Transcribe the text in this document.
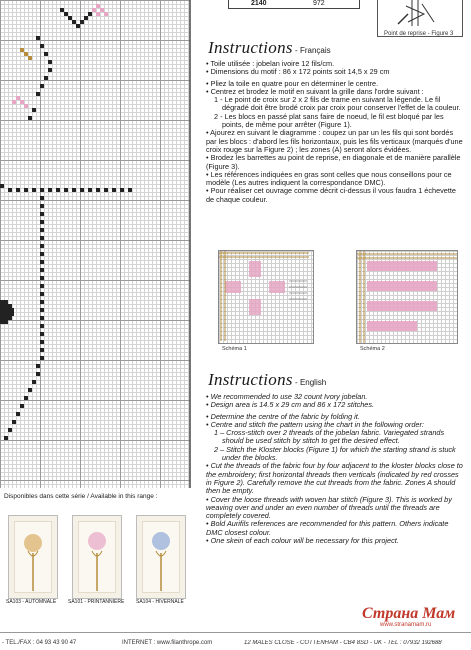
2140	972
Point de reprise - Figure 3
Instructions - Français

• Toile utilisée : jobelan ivoire 12 fils/cm.

• Dimensions du motif : 86 x 172 points soit 14,5 x 29 cm

• Pliez la toile en quatre pour en déterminer le centre.

• Centrez et brodez le motif en suivant la grille dans l'ordre suivant :

1 - Le point de croix sur 2 x 2 fils de trame en suivant la légende. Le fil dégradé doit être brodé croix par croix pour conserver l'effet de la couleur.

2 - Les blocs en passé plat sans faire de noeud, le fil est bloqué par les points, de même pour arrêter (Figure 1).

• Ajourez en suivant le diagramme : coupez un par un les fils qui sont bordés par les blocs : d'abord les fils horizontaux, puis les fils verticaux (marqués d'une croix rouge sur la Figure 2) ; les zones (A) seront alors évidées.

• Brodez les barrettes au point de reprise, en diagonale et de manière parallèle (Figure 3).

• Les références indiquées en gras sont celles que nous conseillons pour ce modèle (Les autres indiquent la correspondance DMC).

• Pour réaliser cet ouvrage comme décrit ci-dessus il vous faudra 1 échevette de chaque couleur.

Schéma 1	Schéma 2
Instructions - English

• We recommended to use 32 count Ivory jobelan.

• Design area is 14.5 x 29 cm and 86 x 172 stitches.

• Determine the centre of the fabric by folding it.

• Centre and stitch the pattern using the chart in the following order:

1 – Cross-stitch over 2 threads of the jobelan fabric. Variegated strands should be used stitch by stitch to get the desired effect.

2 – Stitch the Kloster blocks (Figure 1) for which the starting strand is stuck under the blocks.

• Cut the threads of the fabric four by four adjacent to the kloster blocks close to the embroidery; first horizontal threads then verticals (indicated by red crosses in Figure 2). Carefully remove the cut threads from the fabric. Zones A should then be empty.

• Cover the loose threads with woven bar stitch (Figure 3). This is worked by weaving over and under an even number of threads until the threads are completely covered.

• Bold Aurifils references are recommended for this pattern. Others indicate DMC closest colour.

• One skein of each colour will be necessary for this project.

Disponibles dans cette série / Available in this range :
SA103 - AUTOMNALE SA101 - PRINTANNIERE SA104 - HIVERNALE
- TEL./FAX : 04 93 43 90 47	INTERNET : www.filanthrope.com	12 MALES CLOSE - COTTENHAM - CB4 8SD - UK - TEL : 07932 192688
Страна Мам
www.stranamam.ru
